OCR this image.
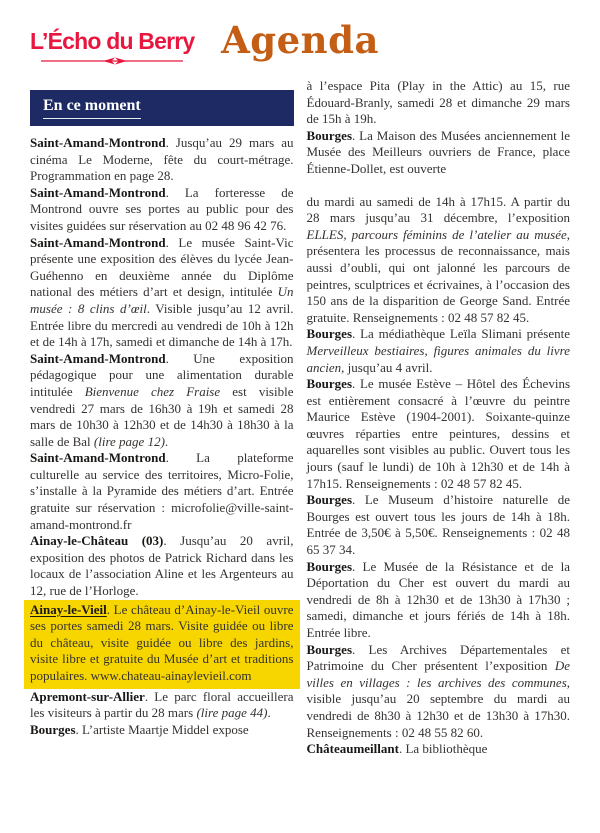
L’Écho du Berry Agenda
En ce moment

Saint-Amand-Montrond. Jusqu’au 29 mars au cinéma Le Moderne, fête du court-métrage. Programmation en page 28.

Saint-Amand-Montrond. La forteresse de Montrond ouvre ses portes au public pour des visites guidées sur réservation au 02 48 96 42 76.

Saint-Amand-Montrond. Le musée Saint-Vic présente une exposition des élèves du lycée Jean-Guéhenno en deuxième année du Diplôme national des métiers d’art et design, intitulée Un musée : 8 clins d’œil. Visible jusqu’au 12 avril. Entrée libre du mercredi au vendredi de 10h à 12h et de 14h à 17h, samedi et dimanche de 14h à 17h.

Saint-Amand-Montrond. Une exposition pédagogique pour une alimentation durable intitulée Bienvenue chez Fraise est visible vendredi 27 mars de 16h30 à 19h et samedi 28 mars de 10h30 à 12h30 et de 14h30 à 18h30 à la salle de Bal (lire page 12).

Saint-Amand-Montrond. La plateforme culturelle au service des territoires, Micro-Folie, s’installe à la Pyramide des métiers d’art. Entrée gratuite sur réservation : microfolie@ville-saint-amand-montrond.fr

Ainay-le-Château (03). Jusqu’au 20 avril, exposition des photos de Patrick Richard dans les locaux de l’association Aline et les Argenteurs au 12, rue de l’Horloge.

Ainay-le-Vieil. Le château d’Ainay-le-Vieil ouvre ses portes samedi 28 mars. Visite guidée ou libre du château, visite guidée ou libre des jardins, visite libre et gratuite du Musée d’art et traditions populaires. www.chateau-ainaylevieil.com

Apremont-sur-Allier. Le parc floral accueillera les visiteurs à partir du 28 mars (lire page 44).

Bourges. L’artiste Maartje Middel expose

à l’espace Pita (Play in the Attic) au 15, rue Édouard-Branly, samedi 28 et dimanche 29 mars de 15h à 19h.

Bourges. La Maison des Musées anciennement le Musée des Meilleurs ouvriers de France, place Étienne-Dollet, est ouverte

du mardi au samedi de 14h à 17h15. A partir du 28 mars jusqu’au 31 décembre, l’exposition ELLES, parcours féminins de l’atelier au musée, présentera les processus de reconnaissance, mais aussi d’oubli, qui ont jalonné les parcours de peintres, sculptrices et écrivaines, à l’occasion des 150 ans de la disparition de George Sand. Entrée gratuite. Renseignements : 02 48 57 82 45.

Bourges. La médiathèque Leïla Slimani présente Merveilleux bestiaires, figures animales du livre ancien, jusqu’au 4 avril.

Bourges. Le musée Estève – Hôtel des Échevins est entièrement consacré à l’œuvre du peintre Maurice Estève (1904-2001). Soixante-quinze œuvres réparties entre peintures, dessins et aquarelles sont visibles au public. Ouvert tous les jours (sauf le lundi) de 10h à 12h30 et de 14h à 17h15. Renseignements : 02 48 57 82 45.

Bourges. Le Museum d’histoire naturelle de Bourges est ouvert tous les jours de 14h à 18h. Entrée de 3,50€ à 5,50€. Renseignements : 02 48 65 37 34.

Bourges. Le Musée de la Résistance et de la Déportation du Cher est ouvert du mardi au vendredi de 8h à 12h30 et de 13h30 à 17h30 ; samedi, dimanche et jours fériés de 14h à 18h. Entrée libre.

Bourges. Les Archives Départementales et Patrimoine du Cher présentent l’exposition De villes en villages : les archives des communes, visible jusqu’au 20 septembre du mardi au vendredi de 8h30 à 12h30 et de 13h30 à 17h30. Renseignements : 02 48 55 82 60.

Châteaumeillant. La bibliothèque
